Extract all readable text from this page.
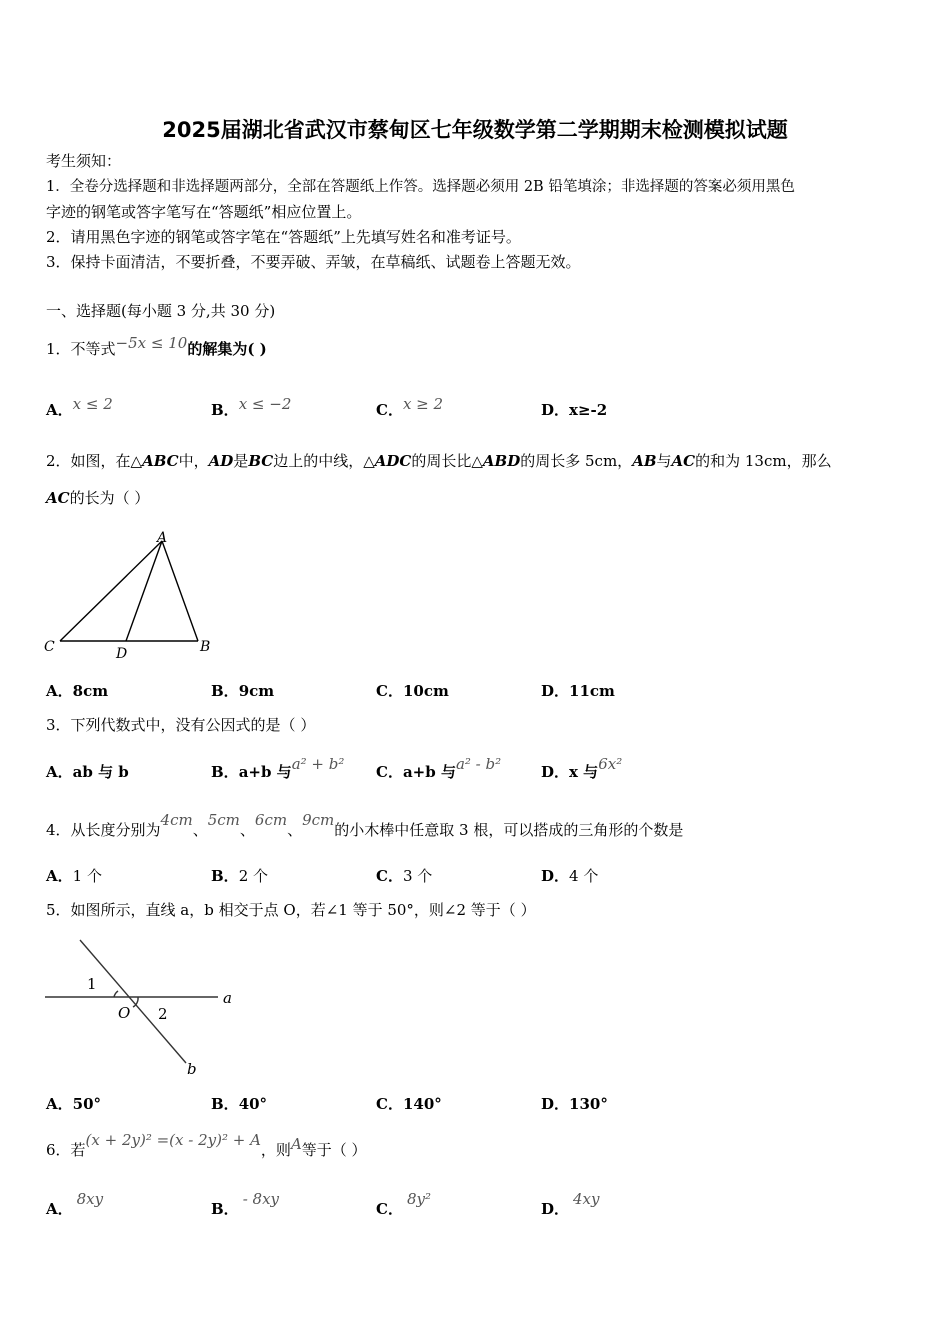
2025届湖北省武汉市蔡甸区七年级数学第二学期期末检测模拟试题
考生须知：
1．全卷分选择题和非选择题两部分，全部在答题纸上作答。选择题必须用 2B 铅笔填涂；非选择题的答案必须用黑色
字迹的钢笔或答字笔写在“答题纸”相应位置上。
2．请用黑色字迹的钢笔或答字笔在“答题纸”上先填写姓名和准考证号。
3．保持卡面清洁，不要折叠，不要弄破、弄皱，在草稿纸、试题卷上答题无效。
一、选择题(每小题 3 分,共 30 分)
1．不等式−5x ≤ 10的解集为( )
A．x ≤ 2	B．x ≤ −2	C．x ≥ 2	D．x≥-2
2．如图，在△ABC中，AD是BC边上的中线，△ADC的周长比△ABD的周长多 5cm，AB与AC的和为 13cm，那么
AC的长为（ ）
A
B
C	D
A．8cm	B．9cm	C．10cm	D．11cm
3．下列代数式中，没有公因式的是（ ）
A．ab 与 b	B．a+b 与a² + b² C．a+b 与a² - b²	D．x 与6x²
4．从长度分别为4cm、5cm、6cm、9cm的小木棒中任意取 3 根，可以搭成的三角形的个数是
A．1 个	B．2 个	C．3 个	D．4 个
5．如图所示，直线 a，b 相交于点 O，若∠1 等于 50°，则∠2 等于（ ）
1
2
O
a
b
A．50°	B．40°	C．140°	D．130°
6．若(x + 2y)² =(x - 2y)² + A，则A等于（ ）
A．8xy
B．- 8xy
C．8y²
D．4xy
